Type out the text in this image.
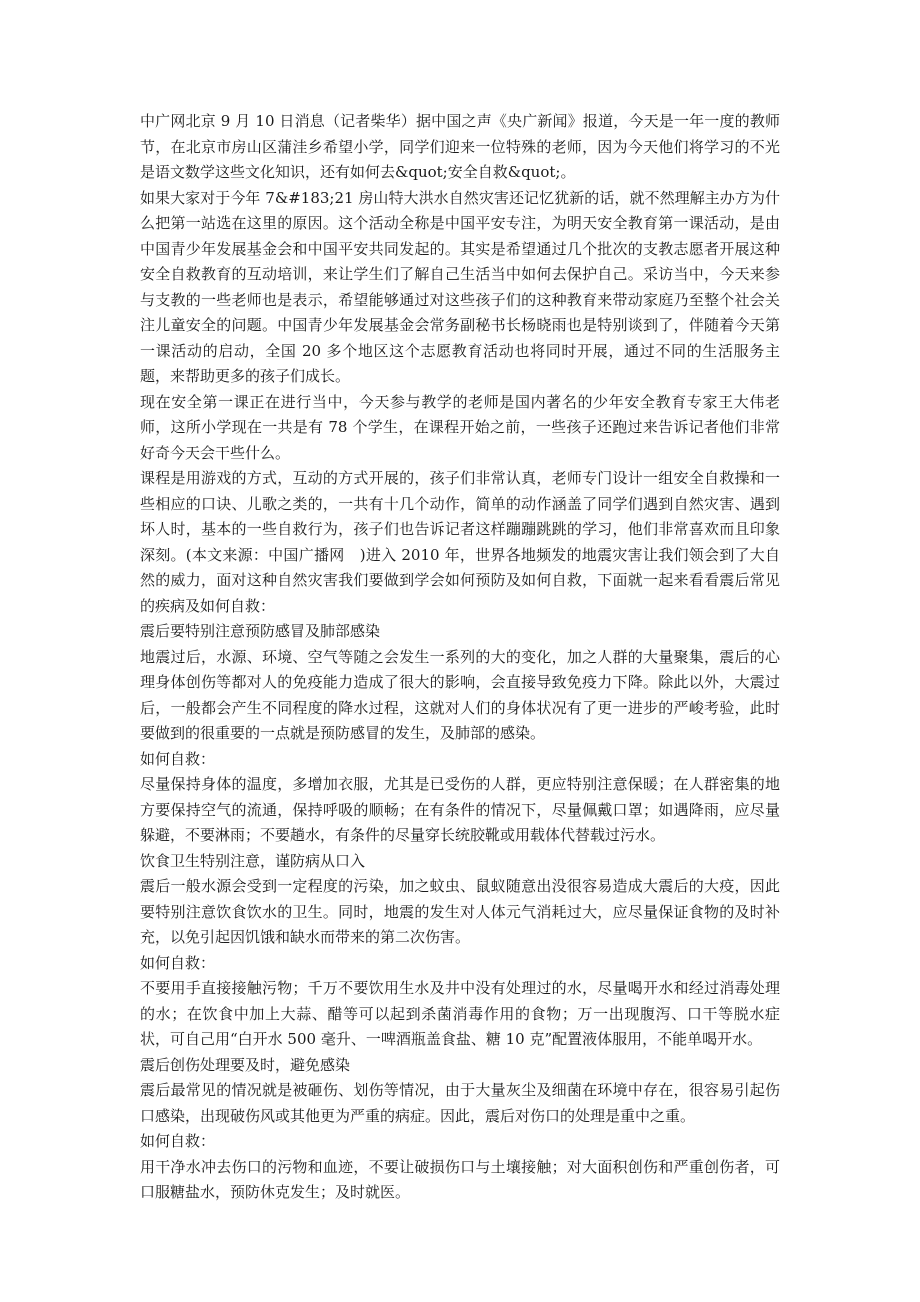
中广网北京 9 月 10 日消息（记者柴华）据中国之声《央广新闻》报道，今天是一年一度的教师节，在北京市房山区蒲洼乡希望小学，同学们迎来一位特殊的老师，因为今天他们将学习的不光是语文数学这些文化知识，还有如何去&quot;安全自救&quot;。

如果大家对于今年 7&#183;21 房山特大洪水自然灾害还记忆犹新的话，就不然理解主办方为什么把第一站选在这里的原因。这个活动全称是中国平安专注，为明天安全教育第一课活动，是由中国青少年发展基金会和中国平安共同发起的。其实是希望通过几个批次的支教志愿者开展这种安全自救教育的互动培训，来让学生们了解自己生活当中如何去保护自己。采访当中，今天来参与支教的一些老师也是表示，希望能够通过对这些孩子们的这种教育来带动家庭乃至整个社会关注儿童安全的问题。中国青少年发展基金会常务副秘书长杨晓雨也是特别谈到了，伴随着今天第一课活动的启动，全国 20 多个地区这个志愿教育活动也将同时开展，通过不同的生活服务主题，来帮助更多的孩子们成长。

现在安全第一课正在进行当中，今天参与教学的老师是国内著名的少年安全教育专家王大伟老师，这所小学现在一共是有 78 个学生，在课程开始之前，一些孩子还跑过来告诉记者他们非常好奇今天会干些什么。

课程是用游戏的方式，互动的方式开展的，孩子们非常认真，老师专门设计一组安全自救操和一些相应的口诀、儿歌之类的，一共有十几个动作，简单的动作涵盖了同学们遇到自然灾害、遇到坏人时，基本的一些自救行为，孩子们也告诉记者这样蹦蹦跳跳的学习，他们非常喜欢而且印象深刻。(本文来源：中国广播网　)进入 2010 年，世界各地频发的地震灾害让我们领会到了大自然的威力，面对这种自然灾害我们要做到学会如何预防及如何自救，下面就一起来看看震后常见的疾病及如何自救：

震后要特别注意预防感冒及肺部感染

地震过后，水源、环境、空气等随之会发生一系列的大的变化，加之人群的大量聚集，震后的心理身体创伤等都对人的免疫能力造成了很大的影响，会直接导致免疫力下降。除此以外，大震过后，一般都会产生不同程度的降水过程，这就对人们的身体状况有了更一进步的严峻考验，此时要做到的很重要的一点就是预防感冒的发生，及肺部的感染。

如何自救：

尽量保持身体的温度，多增加衣服，尤其是已受伤的人群，更应特别注意保暖；在人群密集的地方要保持空气的流通，保持呼吸的顺畅；在有条件的情况下，尽量佩戴口罩；如遇降雨，应尽量躲避，不要淋雨；不要趟水，有条件的尽量穿长统胶靴或用载体代替载过污水。

饮食卫生特别注意，谨防病从口入

震后一般水源会受到一定程度的污染，加之蚊虫、鼠蚁随意出没很容易造成大震后的大疫，因此要特别注意饮食饮水的卫生。同时，地震的发生对人体元气消耗过大，应尽量保证食物的及时补充，以免引起因饥饿和缺水而带来的第二次伤害。

如何自救：

不要用手直接接触污物；千万不要饮用生水及井中没有处理过的水，尽量喝开水和经过消毒处理的水；在饮食中加上大蒜、醋等可以起到杀菌消毒作用的食物；万一出现腹泻、口干等脱水症状，可自己用“白开水 500 毫升、一啤酒瓶盖食盐、糖 10 克”配置液体服用，不能单喝开水。

震后创伤处理要及时，避免感染

震后最常见的情况就是被砸伤、划伤等情况，由于大量灰尘及细菌在环境中存在，很容易引起伤口感染，出现破伤风或其他更为严重的病症。因此，震后对伤口的处理是重中之重。

如何自救：

用干净水冲去伤口的污物和血迹，不要让破损伤口与土壤接触；对大面积创伤和严重创伤者，可口服糖盐水，预防休克发生；及时就医。
